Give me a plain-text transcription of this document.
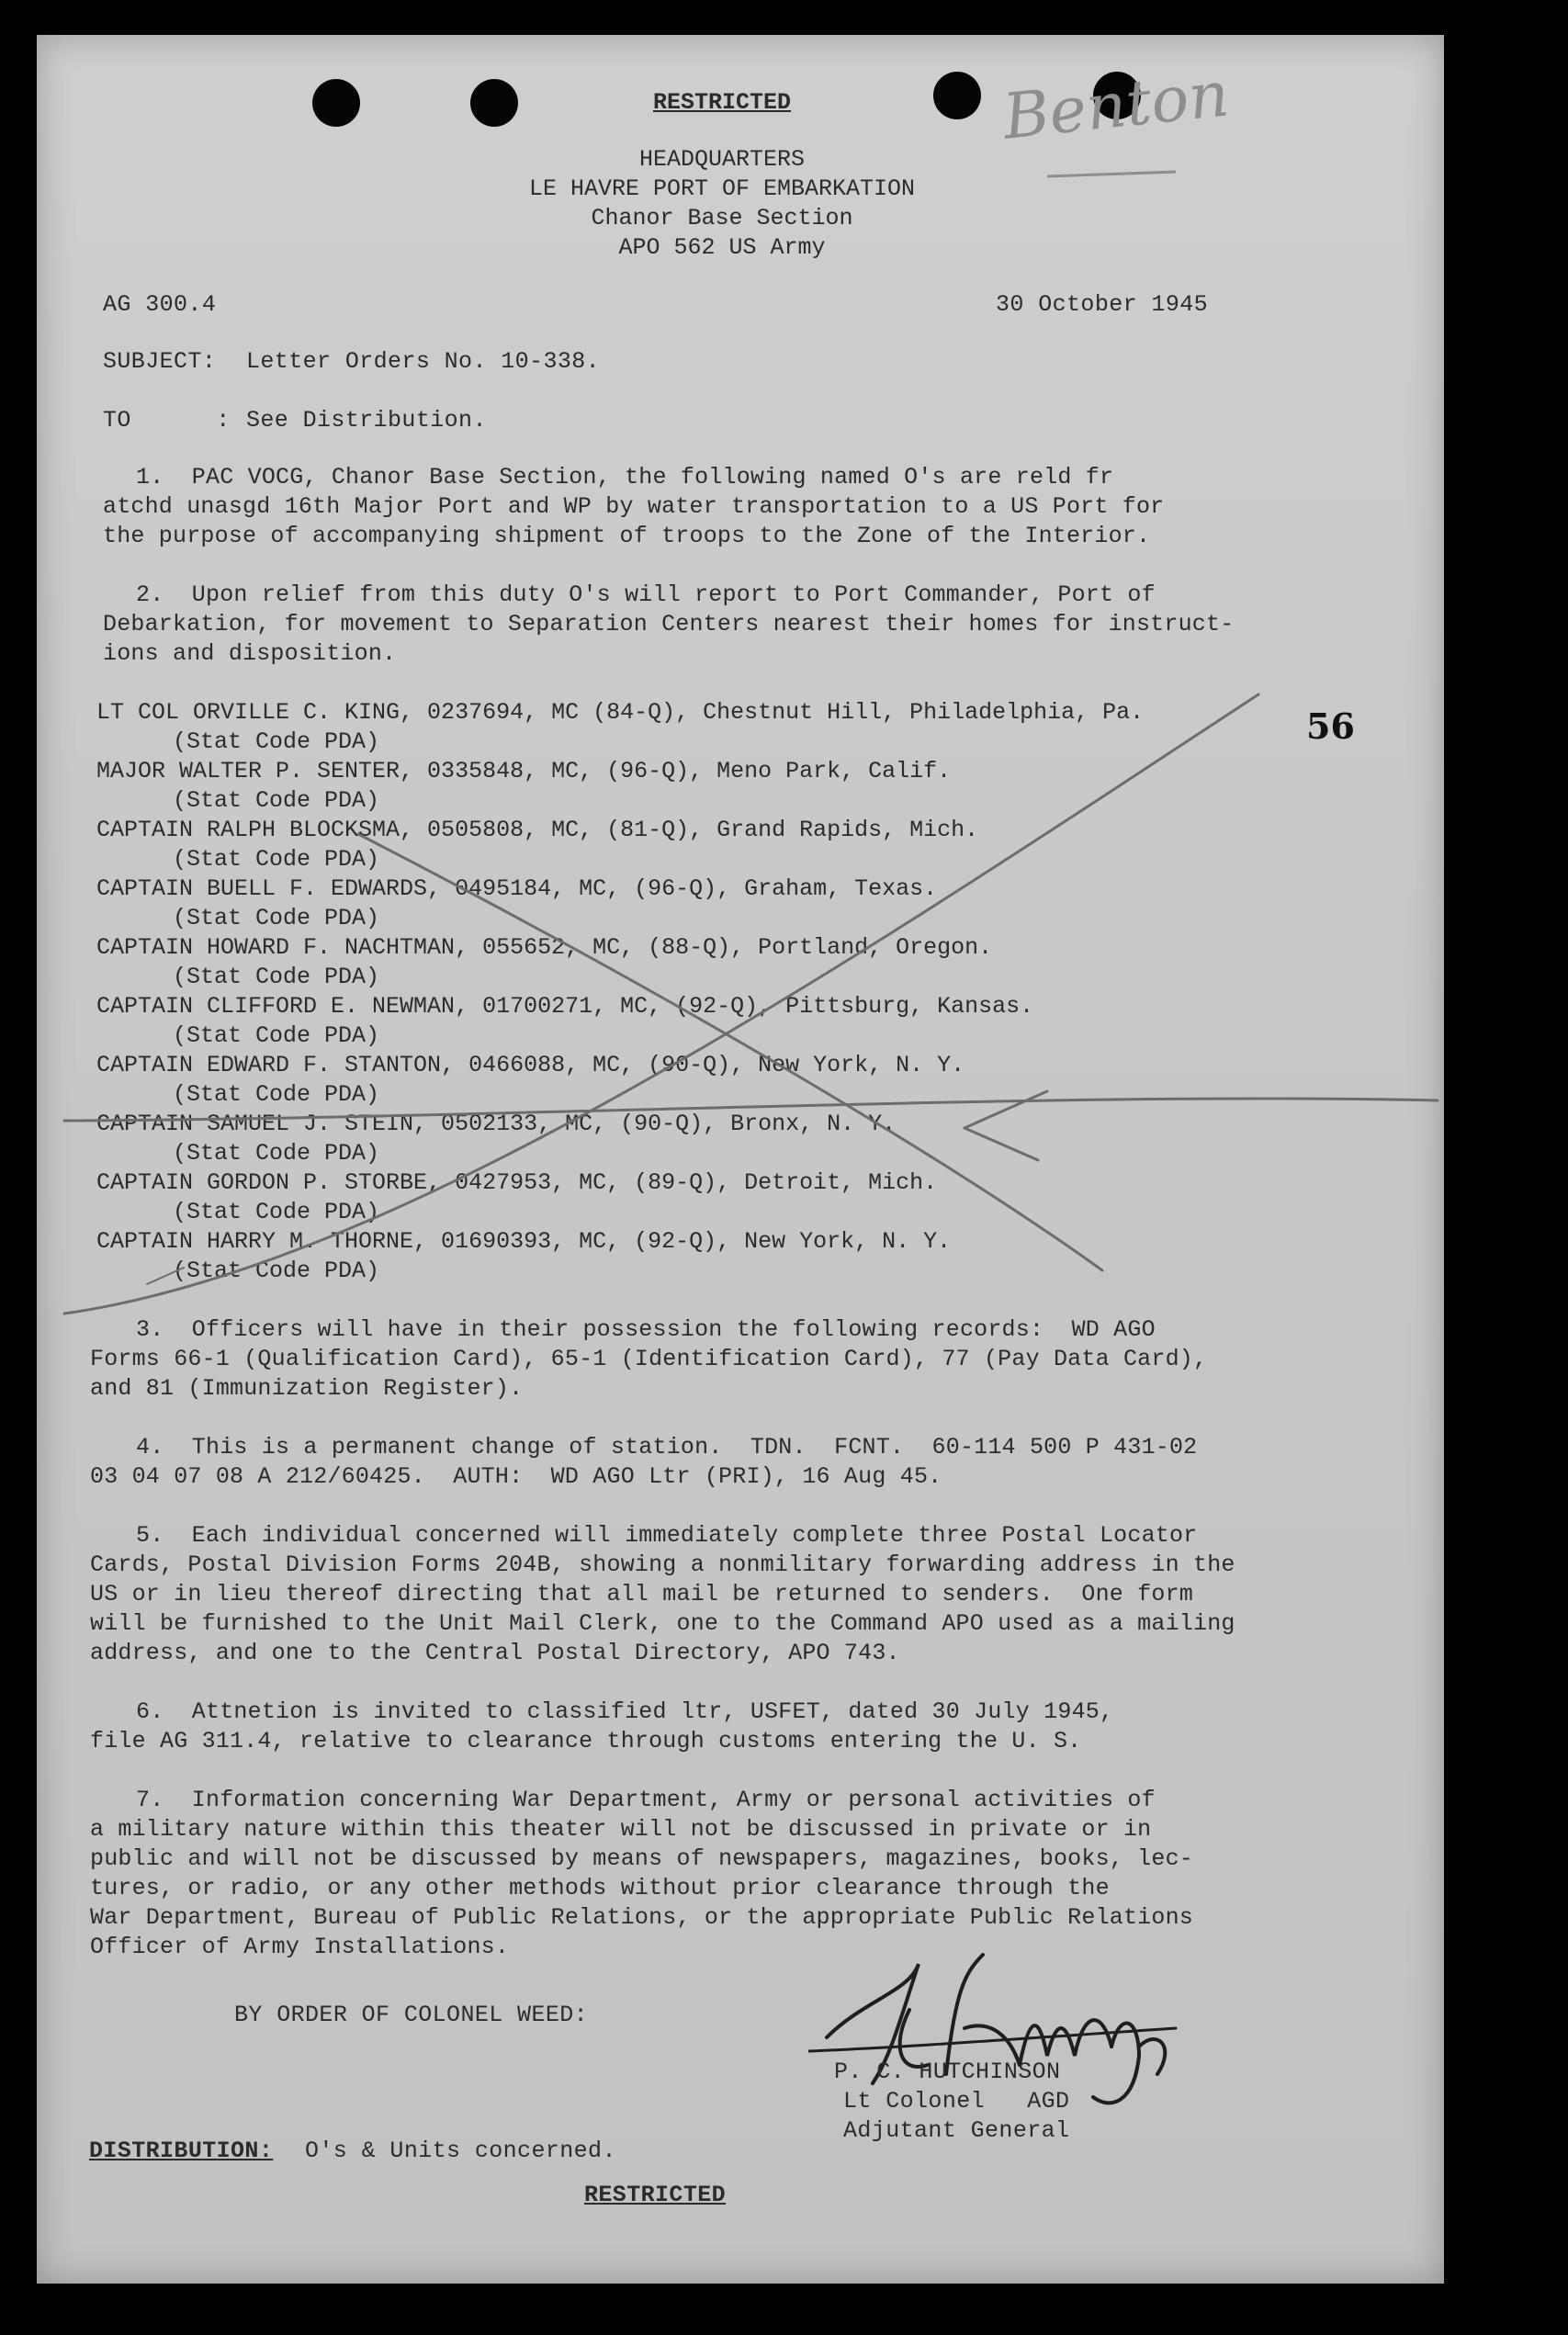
Benton
RESTRICTED
HEADQUARTERS
LE HAVRE PORT OF EMBARKATION
Chanor Base Section
APO 562 US Army
AG 300.4	30 October 1945
SUBJECT: Letter Orders No. 10-338.
TO      : See Distribution.
56
1.  PAC VOCG, Chanor Base Section, the following named O's are reld fr
atchd unasgd 16th Major Port and WP by water transportation to a US Port for
the purpose of accompanying shipment of troops to the Zone of the Interior.
2.  Upon relief from this duty O's will report to Port Commander, Port of
Debarkation, for movement to Separation Centers nearest their homes for instruct-
ions and disposition.
LT COL ORVILLE C. KING, 0237694, MC (84-Q), Chestnut Hill, Philadelphia, Pa.
(Stat Code PDA)
MAJOR WALTER P. SENTER, 0335848, MC, (96-Q), Meno Park, Calif.
(Stat Code PDA)
CAPTAIN RALPH BLOCKSMA, 0505808, MC, (81-Q), Grand Rapids, Mich.
(Stat Code PDA)
CAPTAIN BUELL F. EDWARDS, 0495184, MC, (96-Q), Graham, Texas.
(Stat Code PDA)
CAPTAIN HOWARD F. NACHTMAN, 055652, MC, (88-Q), Portland, Oregon.
(Stat Code PDA)
CAPTAIN CLIFFORD E. NEWMAN, 01700271, MC, (92-Q), Pittsburg, Kansas.
(Stat Code PDA)
CAPTAIN EDWARD F. STANTON, 0466088, MC, (90-Q), New York, N. Y.
(Stat Code PDA)
CAPTAIN SAMUEL J. STEIN, 0502133, MC, (90-Q), Bronx, N. Y.
(Stat Code PDA)
CAPTAIN GORDON P. STORBE, 0427953, MC, (89-Q), Detroit, Mich.
(Stat Code PDA)
CAPTAIN HARRY M. THORNE, 01690393, MC, (92-Q), New York, N. Y.
(Stat Code PDA)
3.  Officers will have in their possession the following records:  WD AGO
Forms 66-1 (Qualification Card), 65-1 (Identification Card), 77 (Pay Data Card),
and 81 (Immunization Register).
4.  This is a permanent change of station.  TDN.  FCNT.  60-114 500 P 431-02
03 04 07 08 A 212/60425.  AUTH:  WD AGO Ltr (PRI), 16 Aug 45.
5.  Each individual concerned will immediately complete three Postal Locator
Cards, Postal Division Forms 204B, showing a nonmilitary forwarding address in the
US or in lieu thereof directing that all mail be returned to senders.  One form
will be furnished to the Unit Mail Clerk, one to the Command APO used as a mailing
address, and one to the Central Postal Directory, APO 743.
6.  Attnetion is invited to classified ltr, USFET, dated 30 July 1945,
file AG 311.4, relative to clearance through customs entering the U. S.
7.  Information concerning War Department, Army or personal activities of
a military nature within this theater will not be discussed in private or in
public and will not be discussed by means of newspapers, magazines, books, lec-
tures, or radio, or any other methods without prior clearance through the
War Department, Bureau of Public Relations, or the appropriate Public Relations
Officer of Army Installations.
BY ORDER OF COLONEL WEED:
P. C. HUTCHINSON
Lt Colonel   AGD
Adjutant General
DISTRIBUTION: O's & Units concerned.
RESTRICTED
